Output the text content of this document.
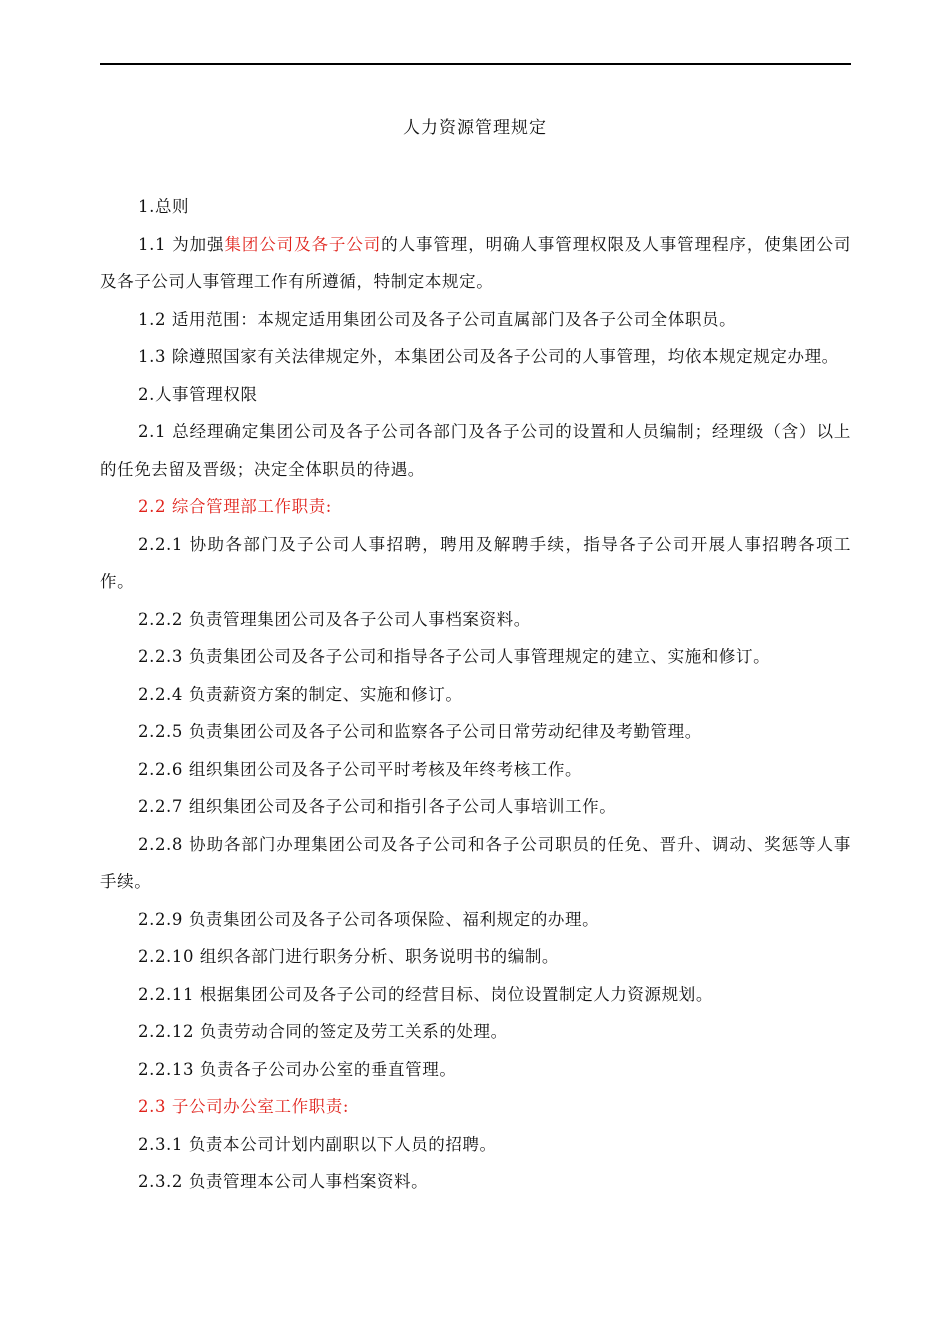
人力资源管理规定

1.总则

1.1 为加强集团公司及各子公司的人事管理，明确人事管理权限及人事管理程序，使集团公司及各子公司人事管理工作有所遵循，特制定本规定。

1.2 适用范围：本规定适用集团公司及各子公司直属部门及各子公司全体职员。

1.3 除遵照国家有关法律规定外，本集团公司及各子公司的人事管理，均依本规定规定办理。

2.人事管理权限

2.1 总经理确定集团公司及各子公司各部门及各子公司的设置和人员编制；经理级（含）以上的任免去留及晋级；决定全体职员的待遇。

2.2 综合管理部工作职责:

2.2.1 协助各部门及子公司人事招聘，聘用及解聘手续，指导各子公司开展人事招聘各项工作。

2.2.2 负责管理集团公司及各子公司人事档案资料。

2.2.3 负责集团公司及各子公司和指导各子公司人事管理规定的建立、实施和修订。

2.2.4 负责薪资方案的制定、实施和修订。

2.2.5 负责集团公司及各子公司和监察各子公司日常劳动纪律及考勤管理。

2.2.6 组织集团公司及各子公司平时考核及年终考核工作。

2.2.7 组织集团公司及各子公司和指引各子公司人事培训工作。

2.2.8 协助各部门办理集团公司及各子公司和各子公司职员的任免、晋升、调动、奖惩等人事手续。

2.2.9 负责集团公司及各子公司各项保险、福利规定的办理。

2.2.10 组织各部门进行职务分析、职务说明书的编制。

2.2.11 根据集团公司及各子公司的经营目标、岗位设置制定人力资源规划。

2.2.12 负责劳动合同的签定及劳工关系的处理。

2.2.13 负责各子公司办公室的垂直管理。

2.3 子公司办公室工作职责:

2.3.1 负责本公司计划内副职以下人员的招聘。

2.3.2 负责管理本公司人事档案资料。
